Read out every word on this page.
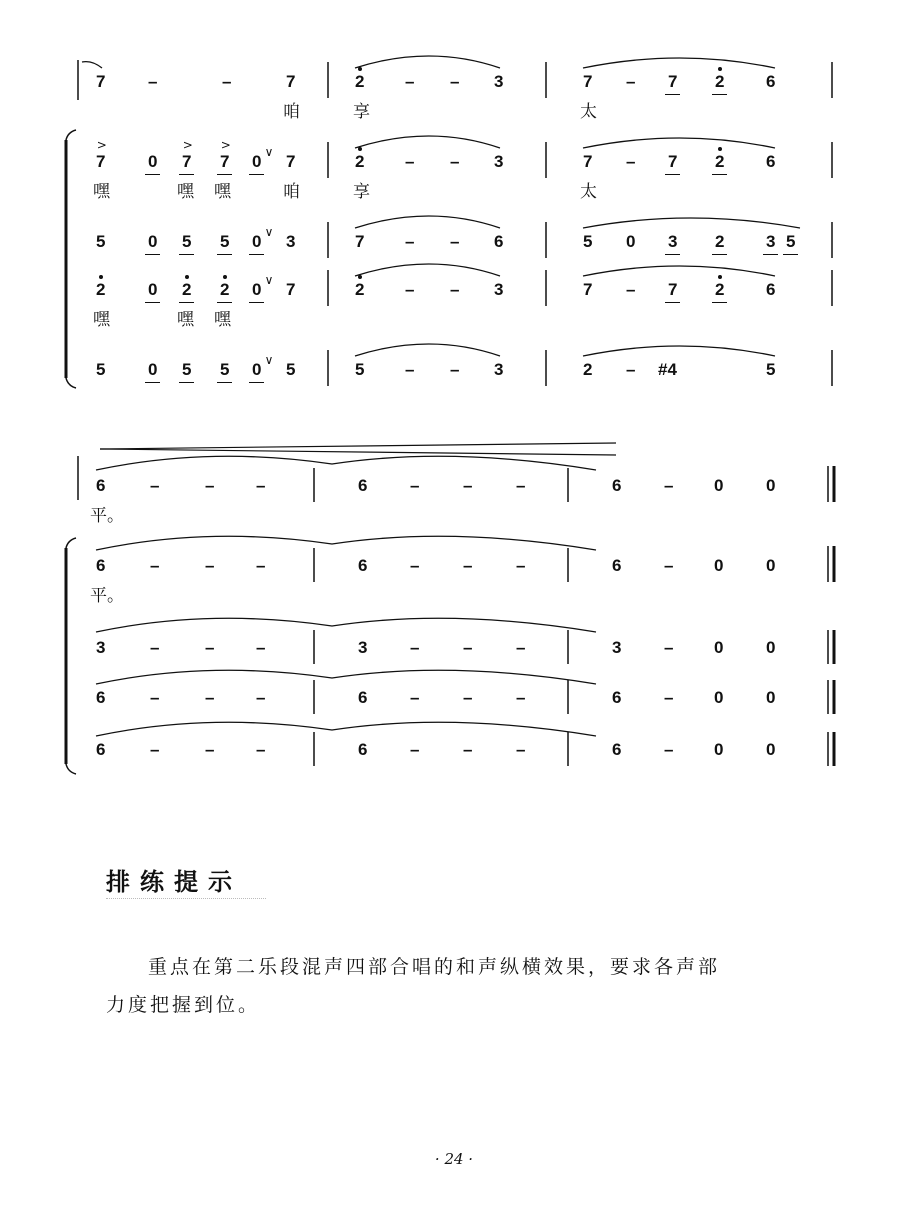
7	–	–	7	2 – – 3	7 – 7 2 6
咱	享	太
>
7	0
>
7
>
7 0 ∨ 7	2 – – 3	7 – 7 2 6
嘿	嘿 嘿	咱	享	太
5	0 5 5 0 ∨ 3	7 – – 6	5 0 3 2 3 5
2	0 2 2 0 ∨ 7	2 – – 3	7 – 7 2 6
嘿	嘿 嘿
5	0 5 5 0 ∨ 5	5 – – 3	2 – #4	5
6	–	– –	6	–	–	–	6	– 0	0
平。
6	–	– –	6	–	–	–	6	– 0	0
平。
3	–	– –	3	–	–	–	3	– 0	0
6	–	– –	6	–	–	–	6	– 0	0
6	–	– –	6	–	–	–	6	– 0	0
排练提示

重点在第二乐段混声四部合唱的和声纵横效果，要求各声部力度把握到位。

· 24 ·
